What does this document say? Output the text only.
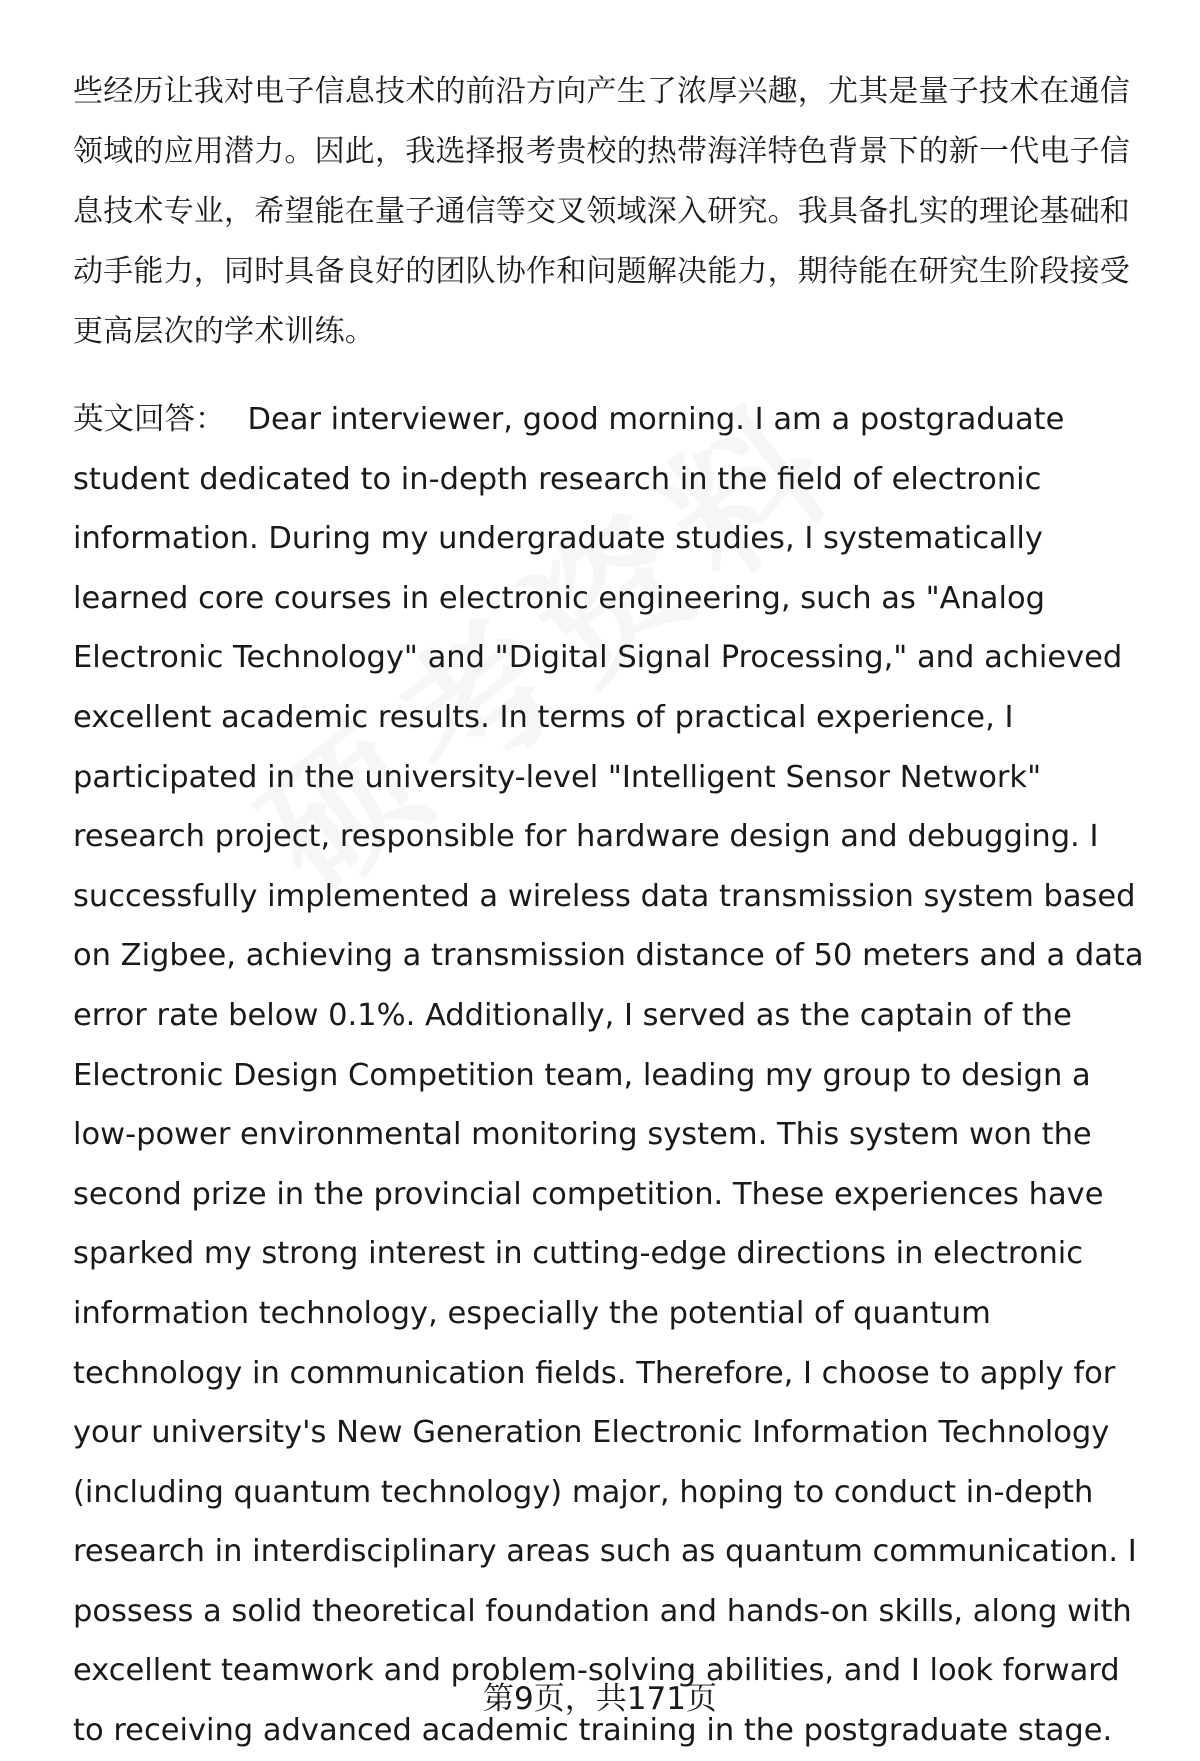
些经历让我对电子信息技术的前沿方向产生了浓厚兴趣，尤其是量子技术在通信领域的应用潜力。因此，我选择报考贵校的热带海洋特色背景下的新一代电子信息技术专业，希望能在量子通信等交叉领域深入研究。我具备扎实的理论基础和动手能力，同时具备良好的团队协作和问题解决能力，期待能在研究生阶段接受更高层次的学术训练。

英文回答： Dear interviewer, good morning. I am a postgraduate student dedicated to in-depth research in the field of electronic information. During my undergraduate studies, I systematically learned core courses in electronic engineering, such as "Analog Electronic Technology" and "Digital Signal Processing," and achieved excellent academic results. In terms of practical experience, I participated in the university-level "Intelligent Sensor Network" research project, responsible for hardware design and debugging. I successfully implemented a wireless data transmission system based on Zigbee, achieving a transmission distance of 50 meters and a data error rate below 0.1%. Additionally, I served as the captain of the Electronic Design Competition team, leading my group to design a low-power environmental monitoring system. This system won the second prize in the provincial competition. These experiences have sparked my strong interest in cutting-edge directions in electronic information technology, especially the potential of quantum technology in communication fields. Therefore, I choose to apply for your university's New Generation Electronic Information Technology (including quantum technology) major, hoping to conduct in-depth research in interdisciplinary areas such as quantum communication. I possess a solid theoretical foundation and hands-on skills, along with excellent teamwork and problem-solving abilities, and I look forward to receiving advanced academic training in the postgraduate stage.

第9页，共171页
